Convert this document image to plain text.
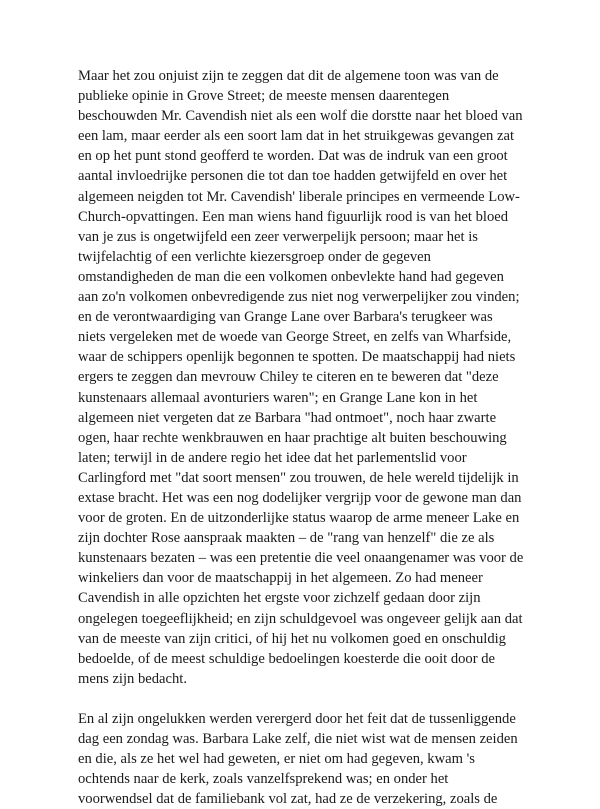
Maar het zou onjuist zijn te zeggen dat dit de algemene toon was van de
publieke opinie in Grove Street; de meeste mensen daarentegen
beschouwden Mr. Cavendish niet als een wolf die dorstte naar het bloed van
een lam, maar eerder als een soort lam dat in het struikgewas gevangen zat
en op het punt stond geofferd te worden. Dat was de indruk van een groot
aantal invloedrijke personen die tot dan toe hadden getwijfeld en over het
algemeen neigden tot Mr. Cavendish' liberale principes en vermeende Low-
Church-opvattingen. Een man wiens hand figuurlijk rood is van het bloed
van je zus is ongetwijfeld een zeer verwerpelijk persoon; maar het is
twijfelachtig of een verlichte kiezersgroep onder de gegeven
omstandigheden de man die een volkomen onbevlekte hand had gegeven
aan zo'n volkomen onbevredigende zus niet nog verwerpelijker zou vinden;
en de verontwaardiging van Grange Lane over Barbara's terugkeer was
niets vergeleken met de woede van George Street, en zelfs van Wharfside,
waar de schippers openlijk begonnen te spotten. De maatschappij had niets
ergers te zeggen dan mevrouw Chiley te citeren en te beweren dat "deze
kunstenaars allemaal avonturiers waren"; en Grange Lane kon in het
algemeen niet vergeten dat ze Barbara "had ontmoet", noch haar zwarte
ogen, haar rechte wenkbrauwen en haar prachtige alt buiten beschouwing
laten; terwijl in de andere regio het idee dat het parlementslid voor
Carlingford met "dat soort mensen" zou trouwen, de hele wereld tijdelijk in
extase bracht. Het was een nog dodelijker vergrijp voor de gewone man dan
voor de groten. En de uitzonderlijke status waarop de arme meneer Lake en
zijn dochter Rose aanspraak maakten – de "rang van henzelf" die ze als
kunstenaars bezaten – was een pretentie die veel onaangenamer was voor de
winkeliers dan voor de maatschappij in het algemeen. Zo had meneer
Cavendish in alle opzichten het ergste voor zichzelf gedaan door zijn
ongelegen toegeeflijkheid; en zijn schuldgevoel was ongeveer gelijk aan dat
van de meeste van zijn critici, of hij het nu volkomen goed en onschuldig
bedoelde, of de meest schuldige bedoelingen koesterde die ooit door de
mens zijn bedacht.

En al zijn ongelukken werden verergerd door het feit dat de tussenliggende
dag een zondag was. Barbara Lake zelf, die niet wist wat de mensen zeiden
en die, als ze het wel had geweten, er niet om had gegeven, kwam 's
ochtends naar de kerk, zoals vanzelfsprekend was; en onder het
voorwendsel dat de familiebank vol zat, had ze de verzekering, zoals de
